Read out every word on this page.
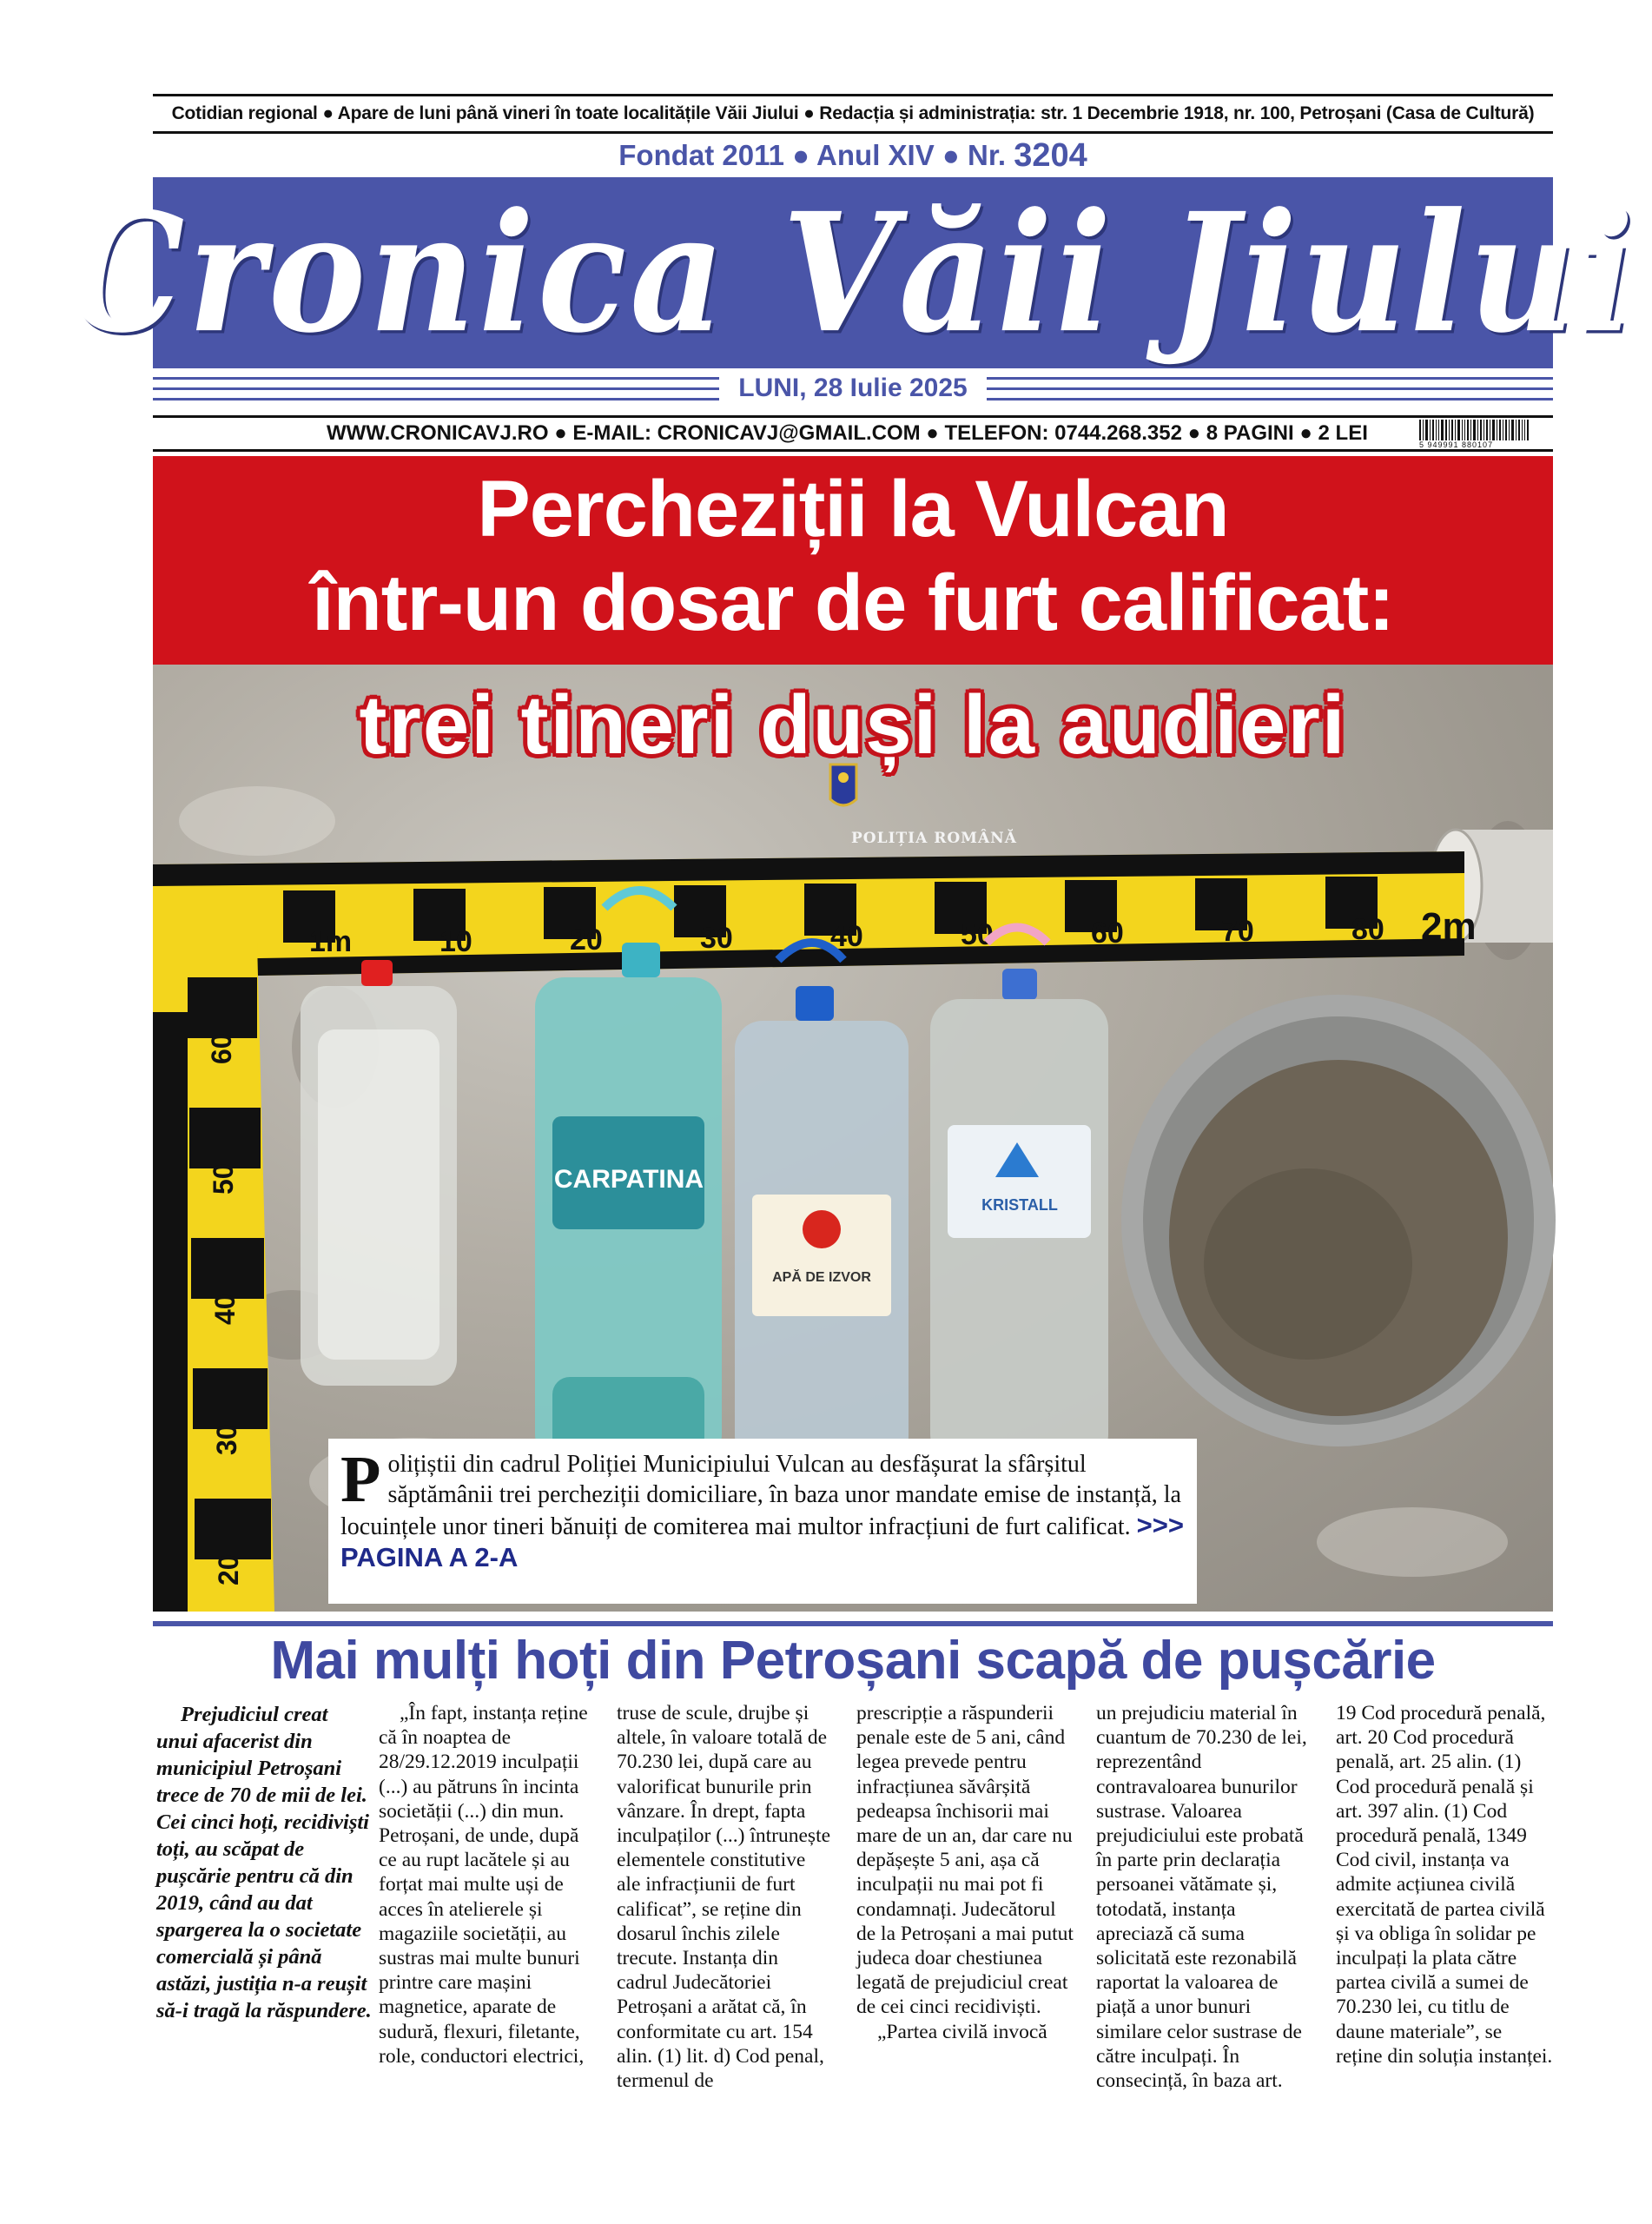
Cotidian regional ● Apare de luni până vineri în toate localitățile Văii Jiului ● Redacția și administrația: str. 1 Decembrie 1918, nr. 100, Petroșani (Casa de Cultură)
Fondat 2011 ● Anul XIV ● Nr.
3204
Cronica Văii Jiului
LUNI, 28 Iulie 2025
WWW.CRONICAVJ.RO ● E-MAIL: CRONICAVJ@GMAIL.COM ● TELEFON: 0744.268.352 ● 8 PAGINI ● 2 LEI	5 949991 880107
1m	10	20	30	40	50	60	70	80 2m
60
50
40
30
20
CARPATINA
APĂ DE IZVOR
KRISTALL
Percheziții la Vulcan
într-un dosar de furt calificat:
trei tineri duși la audieri
POLIȚIA ROMÂNĂ
Polițiștii din cadrul Poliției Municipiului Vulcan au desfășurat la sfârșitul săptămânii trei percheziții domiciliare, în baza unor mandate emise de instanță, la locuințele unor tineri bănuiți de comiterea mai multor infracțiuni de furt calificat. >>> PAGINA A 2-A
Mai mulți hoți din Petroșani scapă de pușcărie

Prejudiciul creat unui afacerist din municipiul Petroșani trece de 70 de mii de lei. Cei cinci hoți, recidiviști toți, au scăpat de pușcărie pentru că din 2019, când au dat spargerea la o societate comercială și până astăzi, justiția n-a reușit să-i tragă la răspundere.

„În fapt, instanța reține că în noaptea de 28/29.12.2019 inculpații (...) au pătruns în incinta societății (...) din mun. Petroșani, de unde, după ce au rupt lacătele și au forțat mai multe uși de acces în atelierele și magaziile societății, au sustras mai multe bunuri printre care mașini magnetice, aparate de sudură, flexuri, filetante, role, conductori electrici,

truse de scule, drujbe și altele, în valoare totală de 70.230 lei, după care au valorificat bunurile prin vânzare. În drept, fapta inculpaților (...) întrunește elementele constitutive ale infracțiunii de furt calificat”, se reține din dosarul închis zilele trecute. Instanța din cadrul Judecătoriei Petroșani a arătat că, în conformitate cu art. 154 alin. (1) lit. d) Cod penal, termenul de

prescripție a răspunderii penale este de 5 ani, când legea prevede pentru infracțiunea săvârșită pedeapsa închisorii mai mare de un an, dar care nu depășește 5 ani, așa că inculpații nu mai pot fi condamnați. Judecătorul de la Petroșani a mai putut judeca doar chestiunea legată de prejudiciul creat de cei cinci recidiviști.

„Partea civilă invocă

un prejudiciu material în cuantum de 70.230 de lei, reprezentând contravaloarea bunurilor sustrase. Valoarea prejudiciului este probată în parte prin declarația persoanei vătămate și, totodată, instanța apreciază că suma solicitată este rezonabilă raportat la valoarea de piață a unor bunuri similare celor sustrase de către inculpați. În consecință, în baza art.

19 Cod procedură penală, art. 20 Cod procedură penală, art. 25 alin. (1) Cod procedură penală și art. 397 alin. (1) Cod procedură penală, 1349 Cod civil, instanța va admite acțiunea civilă exercitată de partea civilă și va obliga în solidar pe inculpați la plata către partea civilă a sumei de 70.230 lei, cu titlu de daune materiale”, se reține din soluția instanței.
